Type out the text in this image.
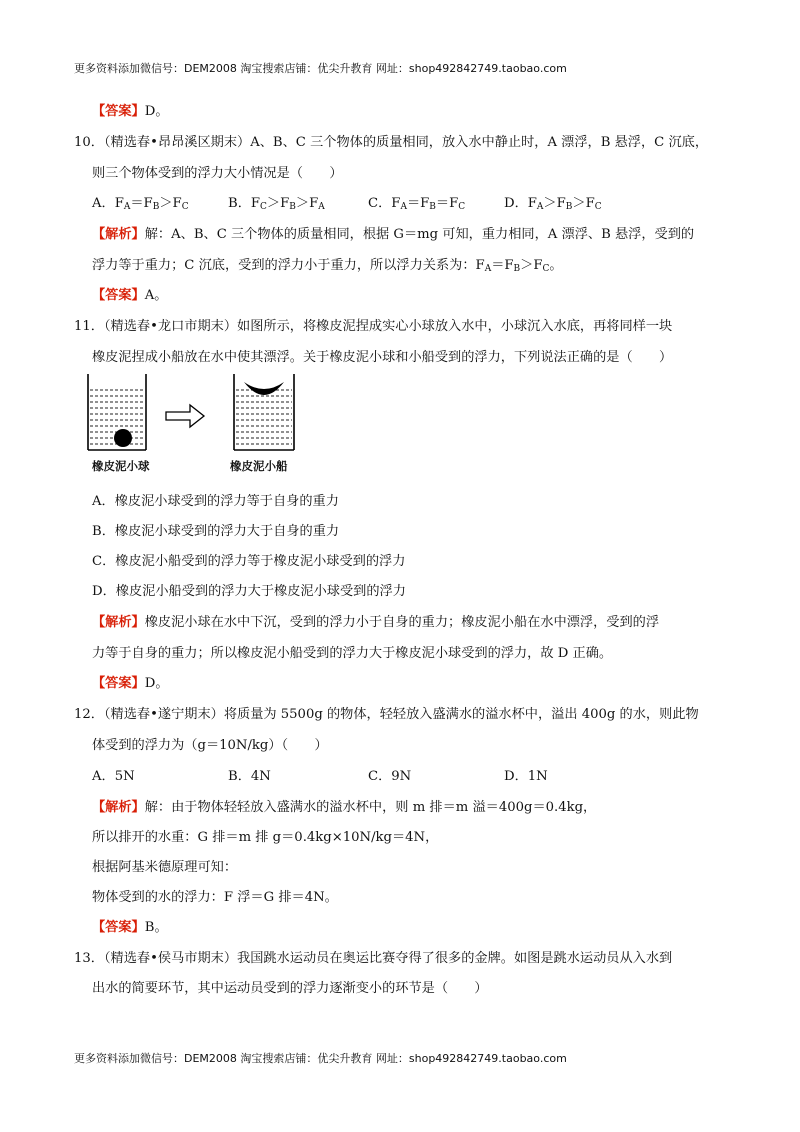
更多资料添加微信号：DEM2008 淘宝搜索店铺：优尖升教育 网址：shop492842749.taobao.com
【答案】D。
10．（精选春•昂昂溪区期末）A、B、C 三个物体的质量相同，放入水中静止时，A 漂浮，B 悬浮，C 沉底，
则三个物体受到的浮力大小情况是（　　）
A．$F_A=F_B>F_C$	B．$F_C>F_B>F_A$	C．$F_A=F_B=F_C$	D．$F_A>F_B>F_C$
【解析】解：A、B、C 三个物体的质量相同，根据 G＝mg 可知，重力相同，A 漂浮、B 悬浮，受到的
浮力等于重力；C 沉底，受到的浮力小于重力，所以浮力关系为：$F_A=F_B>F_C$。
【答案】A。
11．（精选春•龙口市期末）如图所示，将橡皮泥捏成实心小球放入水中，小球沉入水底，再将同样一块
橡皮泥捏成小船放在水中使其漂浮。关于橡皮泥小球和小船受到的浮力，下列说法正确的是（　　）
橡皮泥小球	橡皮泥小船
A．橡皮泥小球受到的浮力等于自身的重力
B．橡皮泥小球受到的浮力大于自身的重力
C．橡皮泥小船受到的浮力等于橡皮泥小球受到的浮力
D．橡皮泥小船受到的浮力大于橡皮泥小球受到的浮力
【解析】橡皮泥小球在水中下沉，受到的浮力小于自身的重力；橡皮泥小船在水中漂浮，受到的浮
力等于自身的重力；所以橡皮泥小船受到的浮力大于橡皮泥小球受到的浮力，故 D 正确。
【答案】D。
12．（精选春•遂宁期末）将质量为 5500g 的物体，轻轻放入盛满水的溢水杯中，溢出 400g 的水，则此物
体受到的浮力为（g＝10N/kg）（　　）
A．5N	B．4N	C．9N	D．1N
【解析】解：由于物体轻轻放入盛满水的溢水杯中，则 m 排＝m 溢＝400g＝0.4kg，
所以排开的水重：G 排＝m 排 g＝0.4kg×10N/kg＝4N，
根据阿基米德原理可知：
物体受到的水的浮力：F 浮＝G 排＝4N。
【答案】B。
13．（精选春•侯马市期末）我国跳水运动员在奥运比赛夺得了很多的金牌。如图是跳水运动员从入水到
出水的简要环节，其中运动员受到的浮力逐渐变小的环节是（　　）
更多资料添加微信号：DEM2008 淘宝搜索店铺：优尖升教育 网址：shop492842749.taobao.com
